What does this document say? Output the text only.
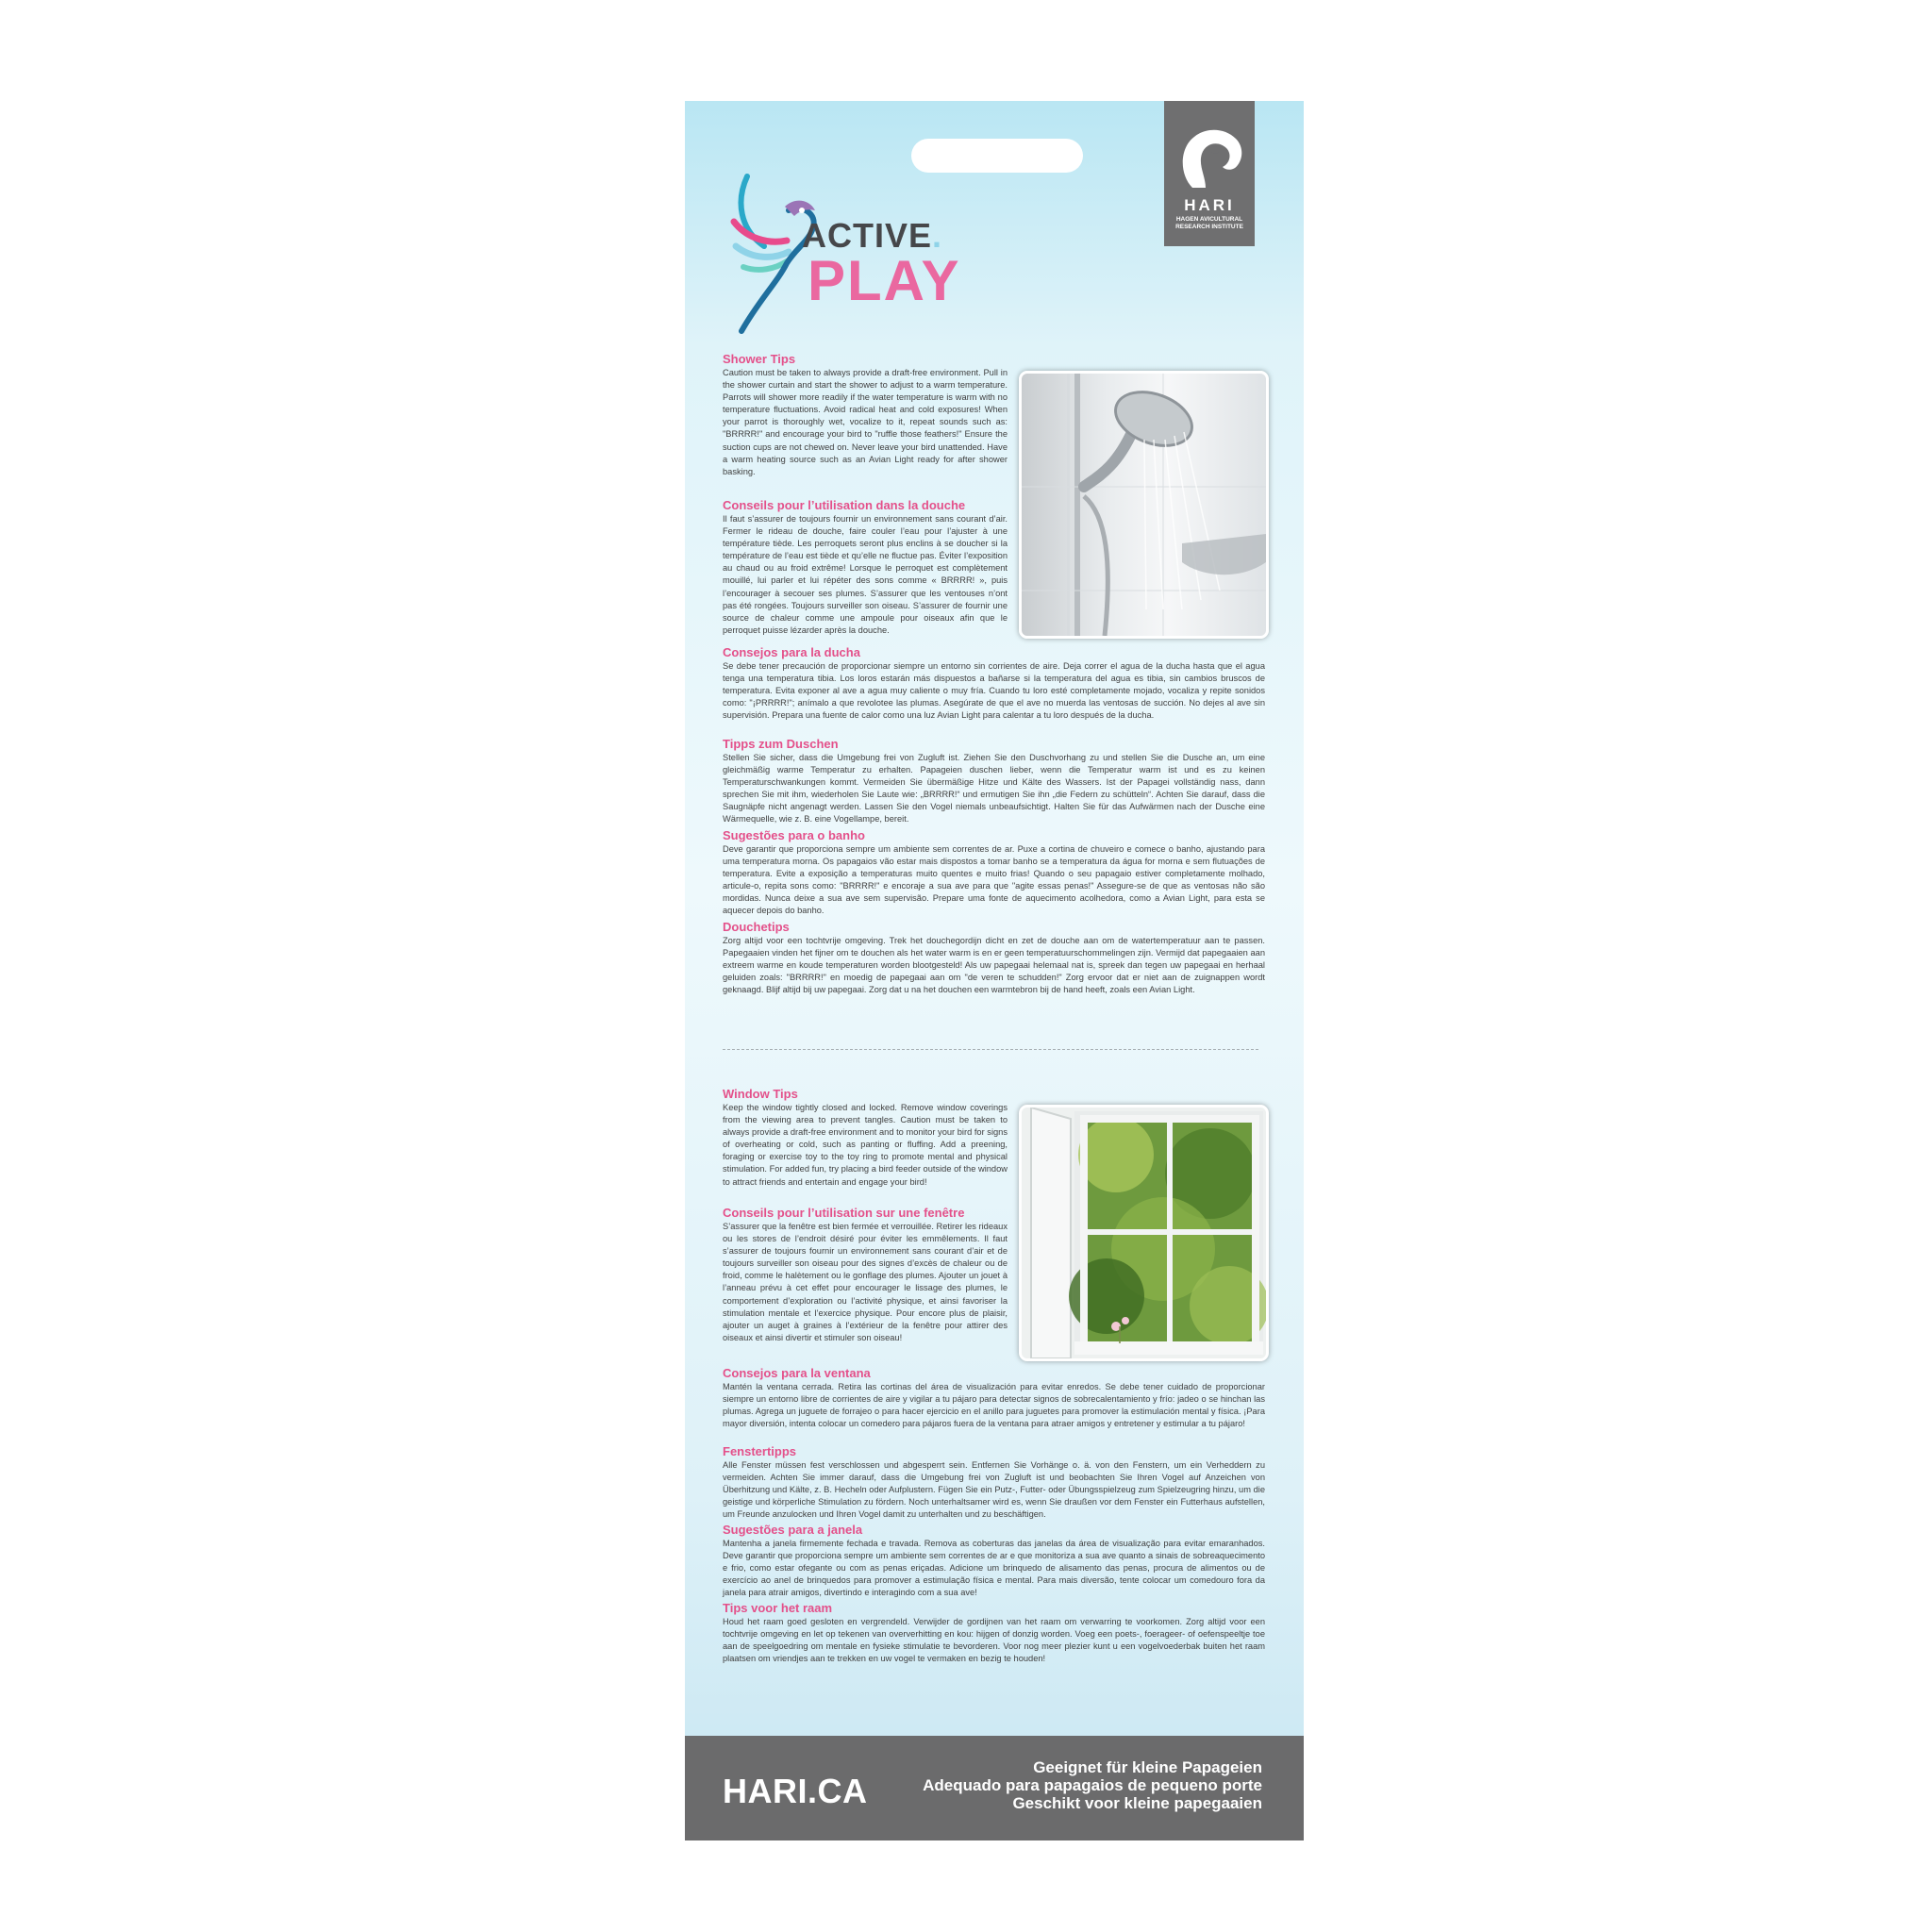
HARI
HAGEN AVICULTURAL RESEARCH INSTITUTE
ACTIVE.
PLAY
Shower Tips

Caution must be taken to always provide a draft-free environment. Pull in the shower curtain and start the shower to adjust to a warm temperature. Parrots will shower more readily if the water temperature is warm with no temperature fluctuations. Avoid radical heat and cold exposures! When your parrot is thoroughly wet, vocalize to it, repeat sounds such as: "BRRRR!" and encourage your bird to "ruffle those feathers!" Ensure the suction cups are not chewed on. Never leave your bird unattended. Have a warm heating source such as an Avian Light ready for after shower basking.

Conseils pour l’utilisation dans la douche

Il faut s’assurer de toujours fournir un environnement sans courant d’air. Fermer le rideau de douche, faire couler l’eau pour l’ajuster à une température tiède. Les perroquets seront plus enclins à se doucher si la température de l’eau est tiède et qu’elle ne fluctue pas. Éviter l’exposition au chaud ou au froid extrême! Lorsque le perroquet est complètement mouillé, lui parler et lui répéter des sons comme « BRRRR! », puis l’encourager à secouer ses plumes. S’assurer que les ventouses n’ont pas été rongées. Toujours surveiller son oiseau. S’assurer de fournir une source de chaleur comme une ampoule pour oiseaux afin que le perroquet puisse lézarder après la douche.

Consejos para la ducha

Se debe tener precaución de proporcionar siempre un entorno sin corrientes de aire. Deja correr el agua de la ducha hasta que el agua tenga una temperatura tibia. Los loros estarán más dispuestos a bañarse si la temperatura del agua es tibia, sin cambios bruscos de temperatura. Evita exponer al ave a agua muy caliente o muy fría. Cuando tu loro esté completamente mojado, vocaliza y repite sonidos como: "¡PRRRR!"; anímalo a que revolotee las plumas. Asegúrate de que el ave no muerda las ventosas de succión. No dejes al ave sin supervisión. Prepara una fuente de calor como una luz Avian Light para calentar a tu loro después de la ducha.

Tipps zum Duschen

Stellen Sie sicher, dass die Umgebung frei von Zugluft ist. Ziehen Sie den Duschvorhang zu und stellen Sie die Dusche an, um eine gleichmäßig warme Temperatur zu erhalten. Papageien duschen lieber, wenn die Temperatur warm ist und es zu keinen Temperaturschwankungen kommt. Vermeiden Sie übermäßige Hitze und Kälte des Wassers. Ist der Papagei vollständig nass, dann sprechen Sie mit ihm, wiederholen Sie Laute wie: „BRRRR!“ und ermutigen Sie ihn „die Federn zu schütteln“. Achten Sie darauf, dass die Saugnäpfe nicht angenagt werden. Lassen Sie den Vogel niemals unbeaufsichtigt. Halten Sie für das Aufwärmen nach der Dusche eine Wärmequelle, wie z. B. eine Vogellampe, bereit.

Sugestões para o banho

Deve garantir que proporciona sempre um ambiente sem correntes de ar. Puxe a cortina de chuveiro e comece o banho, ajustando para uma temperatura morna. Os papagaios vão estar mais dispostos a tomar banho se a temperatura da água for morna e sem flutuações de temperatura. Evite a exposição a temperaturas muito quentes e muito frias! Quando o seu papagaio estiver completamente molhado, articule-o, repita sons como: "BRRRR!" e encoraje a sua ave para que "agite essas penas!" Assegure-se de que as ventosas não são mordidas. Nunca deixe a sua ave sem supervisão. Prepare uma fonte de aquecimento acolhedora, como a Avian Light, para esta se aquecer depois do banho.

Douchetips

Zorg altijd voor een tochtvrije omgeving. Trek het douchegordijn dicht en zet de douche aan om de watertemperatuur aan te passen. Papegaaien vinden het fijner om te douchen als het water warm is en er geen temperatuurschommelingen zijn. Vermijd dat papegaaien aan extreem warme en koude temperaturen worden blootgesteld! Als uw papegaai helemaal nat is, spreek dan tegen uw papegaai en herhaal geluiden zoals: "BRRRR!" en moedig de papegaai aan om "de veren te schudden!" Zorg ervoor dat er niet aan de zuignappen wordt geknaagd. Blijf altijd bij uw papegaai. Zorg dat u na het douchen een warmtebron bij de hand heeft, zoals een Avian Light.

Window Tips

Keep the window tightly closed and locked. Remove window coverings from the viewing area to prevent tangles. Caution must be taken to always provide a draft-free environment and to monitor your bird for signs of overheating or cold, such as panting or fluffing. Add a preening, foraging or exercise toy to the toy ring to promote mental and physical stimulation. For added fun, try placing a bird feeder outside of the window to attract friends and entertain and engage your bird!

Conseils pour l’utilisation sur une fenêtre

S’assurer que la fenêtre est bien fermée et verrouillée. Retirer les rideaux ou les stores de l’endroit désiré pour éviter les emmêlements. Il faut s’assurer de toujours fournir un environnement sans courant d’air et de toujours surveiller son oiseau pour des signes d’excès de chaleur ou de froid, comme le halètement ou le gonflage des plumes. Ajouter un jouet à l’anneau prévu à cet effet pour encourager le lissage des plumes, le comportement d’exploration ou l’activité physique, et ainsi favoriser la stimulation mentale et l’exercice physique. Pour encore plus de plaisir, ajouter un auget à graines à l’extérieur de la fenêtre pour attirer des oiseaux et ainsi divertir et stimuler son oiseau!

Consejos para la ventana

Mantén la ventana cerrada. Retira las cortinas del área de visualización para evitar enredos. Se debe tener cuidado de proporcionar siempre un entorno libre de corrientes de aire y vigilar a tu pájaro para detectar signos de sobrecalentamiento y frío: jadeo o se hinchan las plumas. Agrega un juguete de forrajeo o para hacer ejercicio en el anillo para juguetes para promover la estimulación mental y física. ¡Para mayor diversión, intenta colocar un comedero para pájaros fuera de la ventana para atraer amigos y entretener y estimular a tu pájaro!

Fenstertipps

Alle Fenster müssen fest verschlossen und abgesperrt sein. Entfernen Sie Vorhänge o. ä. von den Fenstern, um ein Verheddern zu vermeiden. Achten Sie immer darauf, dass die Umgebung frei von Zugluft ist und beobachten Sie Ihren Vogel auf Anzeichen von Überhitzung und Kälte, z. B. Hecheln oder Aufplustern. Fügen Sie ein Putz-, Futter- oder Übungsspielzeug zum Spielzeugring hinzu, um die geistige und körperliche Stimulation zu fördern. Noch unterhaltsamer wird es, wenn Sie draußen vor dem Fenster ein Futterhaus aufstellen, um Freunde anzulocken und Ihren Vogel damit zu unterhalten und zu beschäftigen.

Sugestões para a janela

Mantenha a janela firmemente fechada e travada. Remova as coberturas das janelas da área de visualização para evitar emaranhados. Deve garantir que proporciona sempre um ambiente sem correntes de ar e que monitoriza a sua ave quanto a sinais de sobreaquecimento e frio, como estar ofegante ou com as penas eriçadas. Adicione um brinquedo de alisamento das penas, procura de alimentos ou de exercício ao anel de brinquedos para promover a estimulação física e mental. Para mais diversão, tente colocar um comedouro fora da janela para atrair amigos, divertindo e interagindo com a sua ave!

Tips voor het raam

Houd het raam goed gesloten en vergrendeld. Verwijder de gordijnen van het raam om verwarring te voorkomen. Zorg altijd voor een tochtvrije omgeving en let op tekenen van oververhitting en kou: hijgen of donzig worden. Voeg een poets-, foerageer- of oefenspeeltje toe aan de speelgoedring om mentale en fysieke stimulatie te bevorderen. Voor nog meer plezier kunt u een vogelvoederbak buiten het raam plaatsen om vriendjes aan te trekken en uw vogel te vermaken en bezig te houden!

HARI.CA
Geeignet für kleine Papageien
Adequado para papagaios de pequeno porte
Geschikt voor kleine papegaaien
